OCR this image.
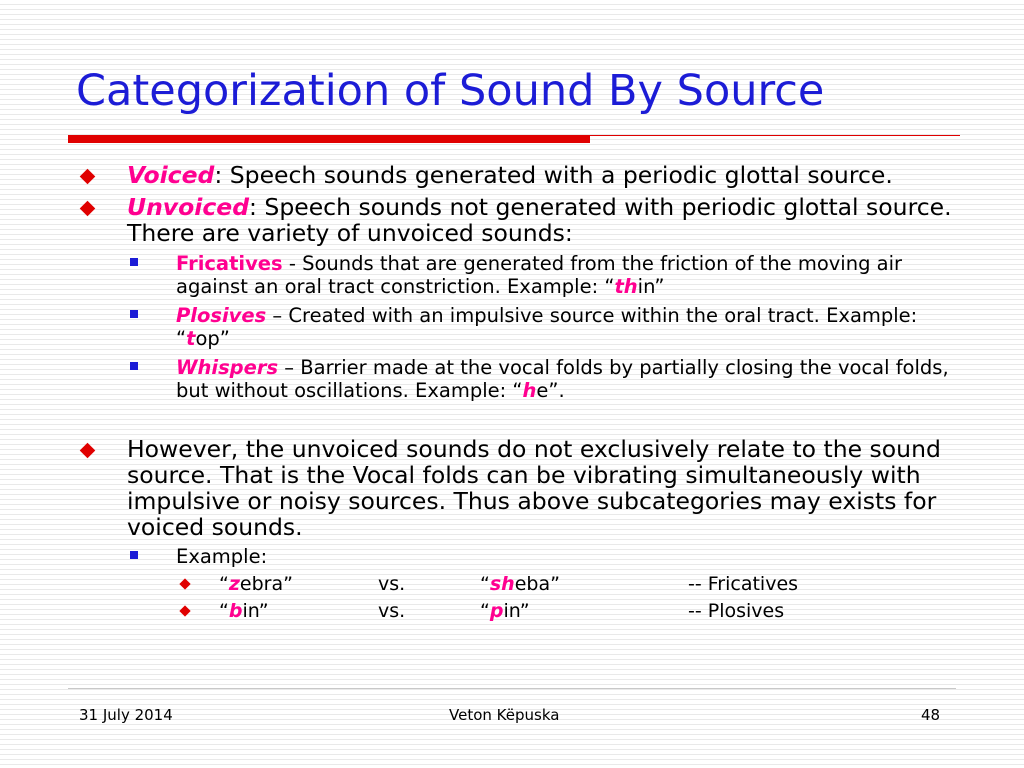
Categorization of Sound By Source
Voiced: Speech sounds generated with a periodic glottal source.
Unvoiced: Speech sounds not generated with periodic glottal source. There are variety of unvoiced sounds:
Fricatives - Sounds that are generated from the friction of the moving air against an oral tract constriction. Example: “thin”
Plosives – Created with an impulsive source within the oral tract. Example: “top”
Whispers – Barrier made at the vocal folds by partially closing the vocal folds, but without oscillations. Example: “he”.
However, the unvoiced sounds do not exclusively relate to the sound source. That is the Vocal folds can be vibrating simultaneously with impulsive or noisy sources. Thus above subcategories may exists for voiced sounds.
Example:
“zebra”	vs.	“sheba”	-- Fricatives
“bin”	vs.	“pin”	-- Plosives
31 July 2014	Veton Këpuska	48
